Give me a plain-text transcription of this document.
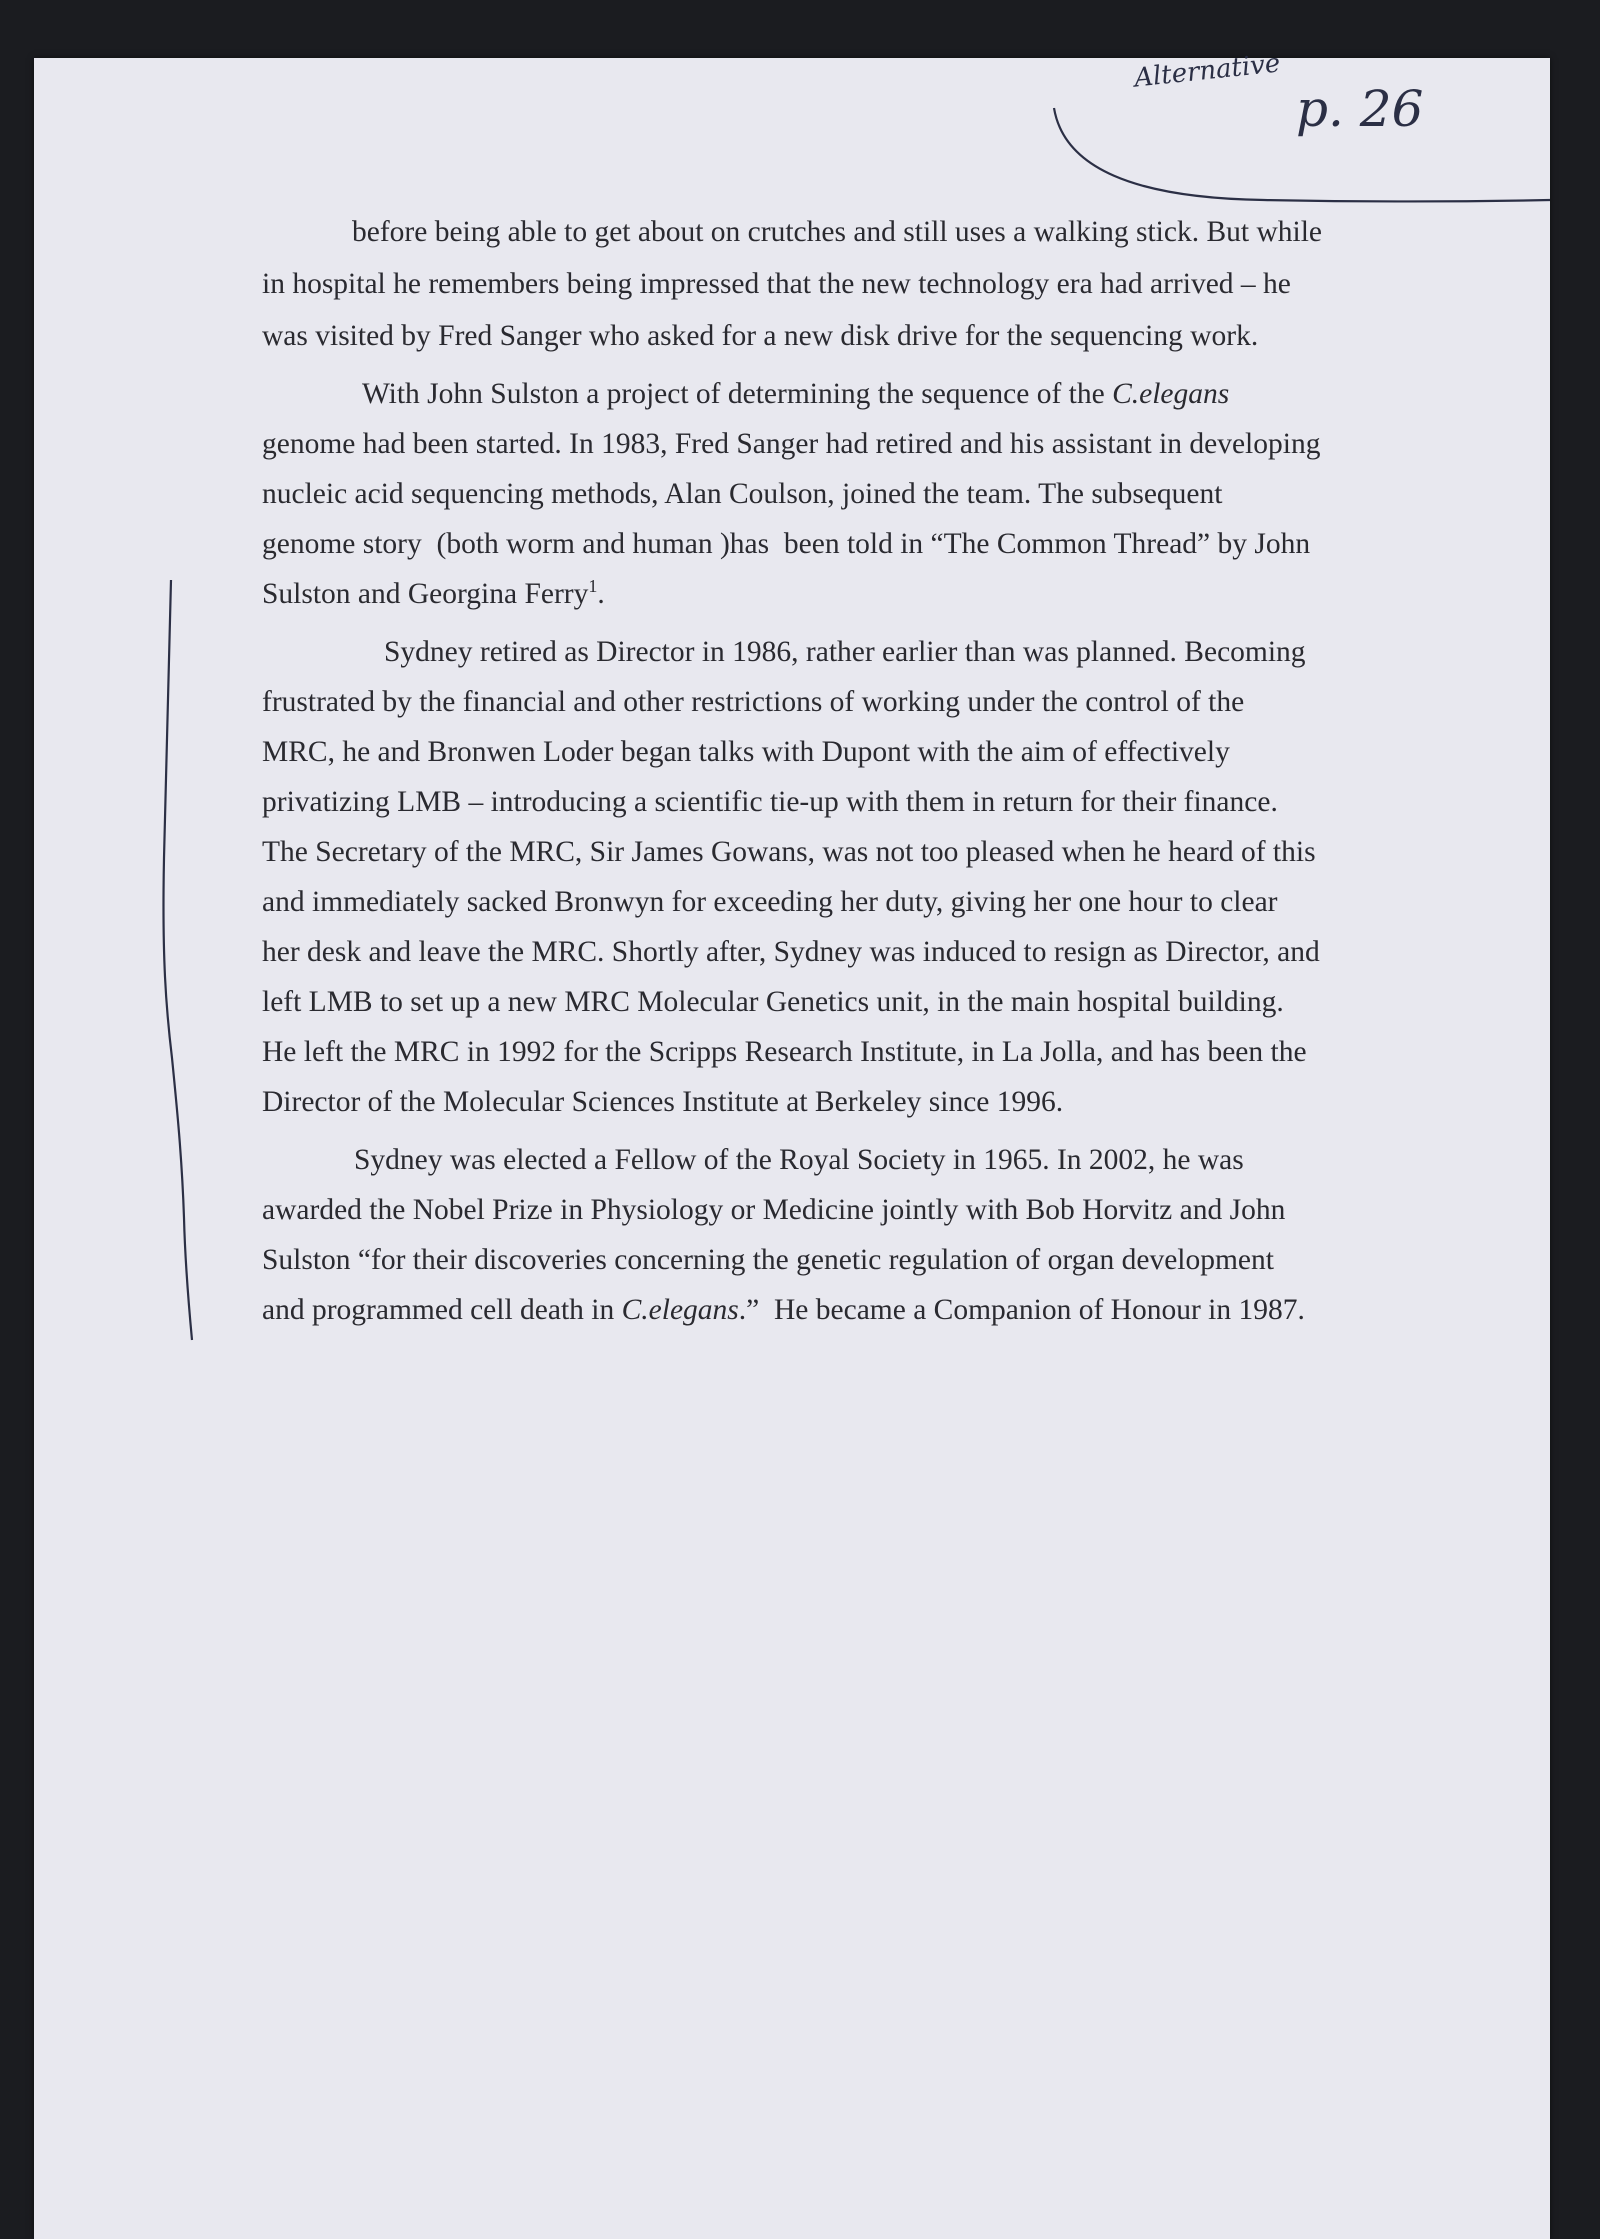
Alternative
p. 26
before being able to get about on crutches and still uses a walking stick. But while
in hospital he remembers being impressed that the new technology era had arrived – he
was visited by Fred Sanger who asked for a new disk drive for the sequencing work.
With John Sulston a project of determining the sequence of the C.elegans
genome had been started. In 1983, Fred Sanger had retired and his assistant in developing
nucleic acid sequencing methods, Alan Coulson, joined the team. The subsequent
genome story  (both worm and human )has  been told in “The Common Thread” by John
Sulston and Georgina Ferry$^1$.
Sydney retired as Director in 1986, rather earlier than was planned. Becoming
frustrated by the financial and other restrictions of working under the control of the
MRC, he and Bronwen Loder began talks with Dupont with the aim of effectively
privatizing LMB – introducing a scientific tie-up with them in return for their finance.
The Secretary of the MRC, Sir James Gowans, was not too pleased when he heard of this
and immediately sacked Bronwyn for exceeding her duty, giving her one hour to clear
her desk and leave the MRC. Shortly after, Sydney was induced to resign as Director, and
left LMB to set up a new MRC Molecular Genetics unit, in the main hospital building.
He left the MRC in 1992 for the Scripps Research Institute, in La Jolla, and has been the
Director of the Molecular Sciences Institute at Berkeley since 1996.
Sydney was elected a Fellow of the Royal Society in 1965. In 2002, he was
awarded the Nobel Prize in Physiology or Medicine jointly with Bob Horvitz and John
Sulston “for their discoveries concerning the genetic regulation of organ development
and programmed cell death in C.elegans.”  He became a Companion of Honour in 1987.
